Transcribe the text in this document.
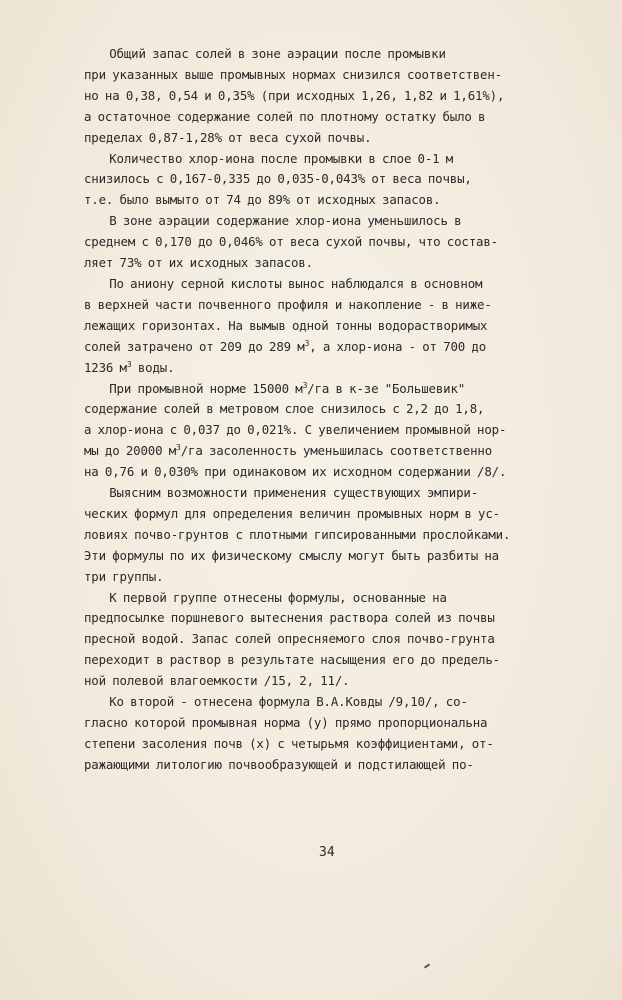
Общий запас солей в зоне аэрации после промывки
при указанных выше промывных нормах снизился соответствен-
но на 0,38, 0,54 и 0,35% (при исходных 1,26, 1,82 и 1,61%),
а остаточное содержание солей по плотному остатку было в
пределах 0,87-1,28% от веса сухой почвы.
Количество хлор-иона после промывки в слое 0-1 м
снизилось с 0,167-0,335 до 0,035-0,043% от веса почвы,
т.е. было вымыто от 74 до 89% от исходных запасов.
В зоне аэрации содержание хлор-иона уменьшилось в
среднем с 0,170 до 0,046% от веса сухой почвы, что состав-
ляет 73% от их исходных запасов.
По аниону серной кислоты вынос наблюдался в основном
в верхней части почвенного профиля и накопление - в ниже-
лежащих горизонтах. На вымыв одной тонны водорастворимых
солей затрачено от 209 до 289 $м^3$, а хлор-иона - от 700 до
1236 $м^3$ воды.
При промывной норме 15000 $м^3/га$ в к-зе "Большевик"
содержание солей в метровом слое снизилось с 2,2 до 1,8,
а хлор-иона с 0,037 до 0,021%. С увеличением промывной нор-
мы до 20000 $м^3/га$ засоленность уменьшилась соответственно
на 0,76 и 0,030% при одинаковом их исходном содержании /8/.
Выясним возможности применения существующих эмпири-
ческих формул для определения величин промывных норм в ус-
ловиях почво-грунтов с плотными гипсированными прослойками.
Эти формулы по их физическому смыслу могут быть разбиты на
три группы.
К первой группе отнесены формулы, основанные на
предпосылке поршневого вытеснения раствора солей из почвы
пресной водой. Запас солей опресняемого слоя почво-грунта
переходит в раствор в результате насыщения его до предель-
ной полевой влагоемкости /15, 2, 11/.
Ко второй - отнесена формула В.А.Ковды /9,10/, со-
гласно которой промывная норма (y) прямо пропорциональна
степени засоления почв (x) с четырьмя коэффициентами, от-
ражающими литологию почвообразующей и подстилающей по-
34
